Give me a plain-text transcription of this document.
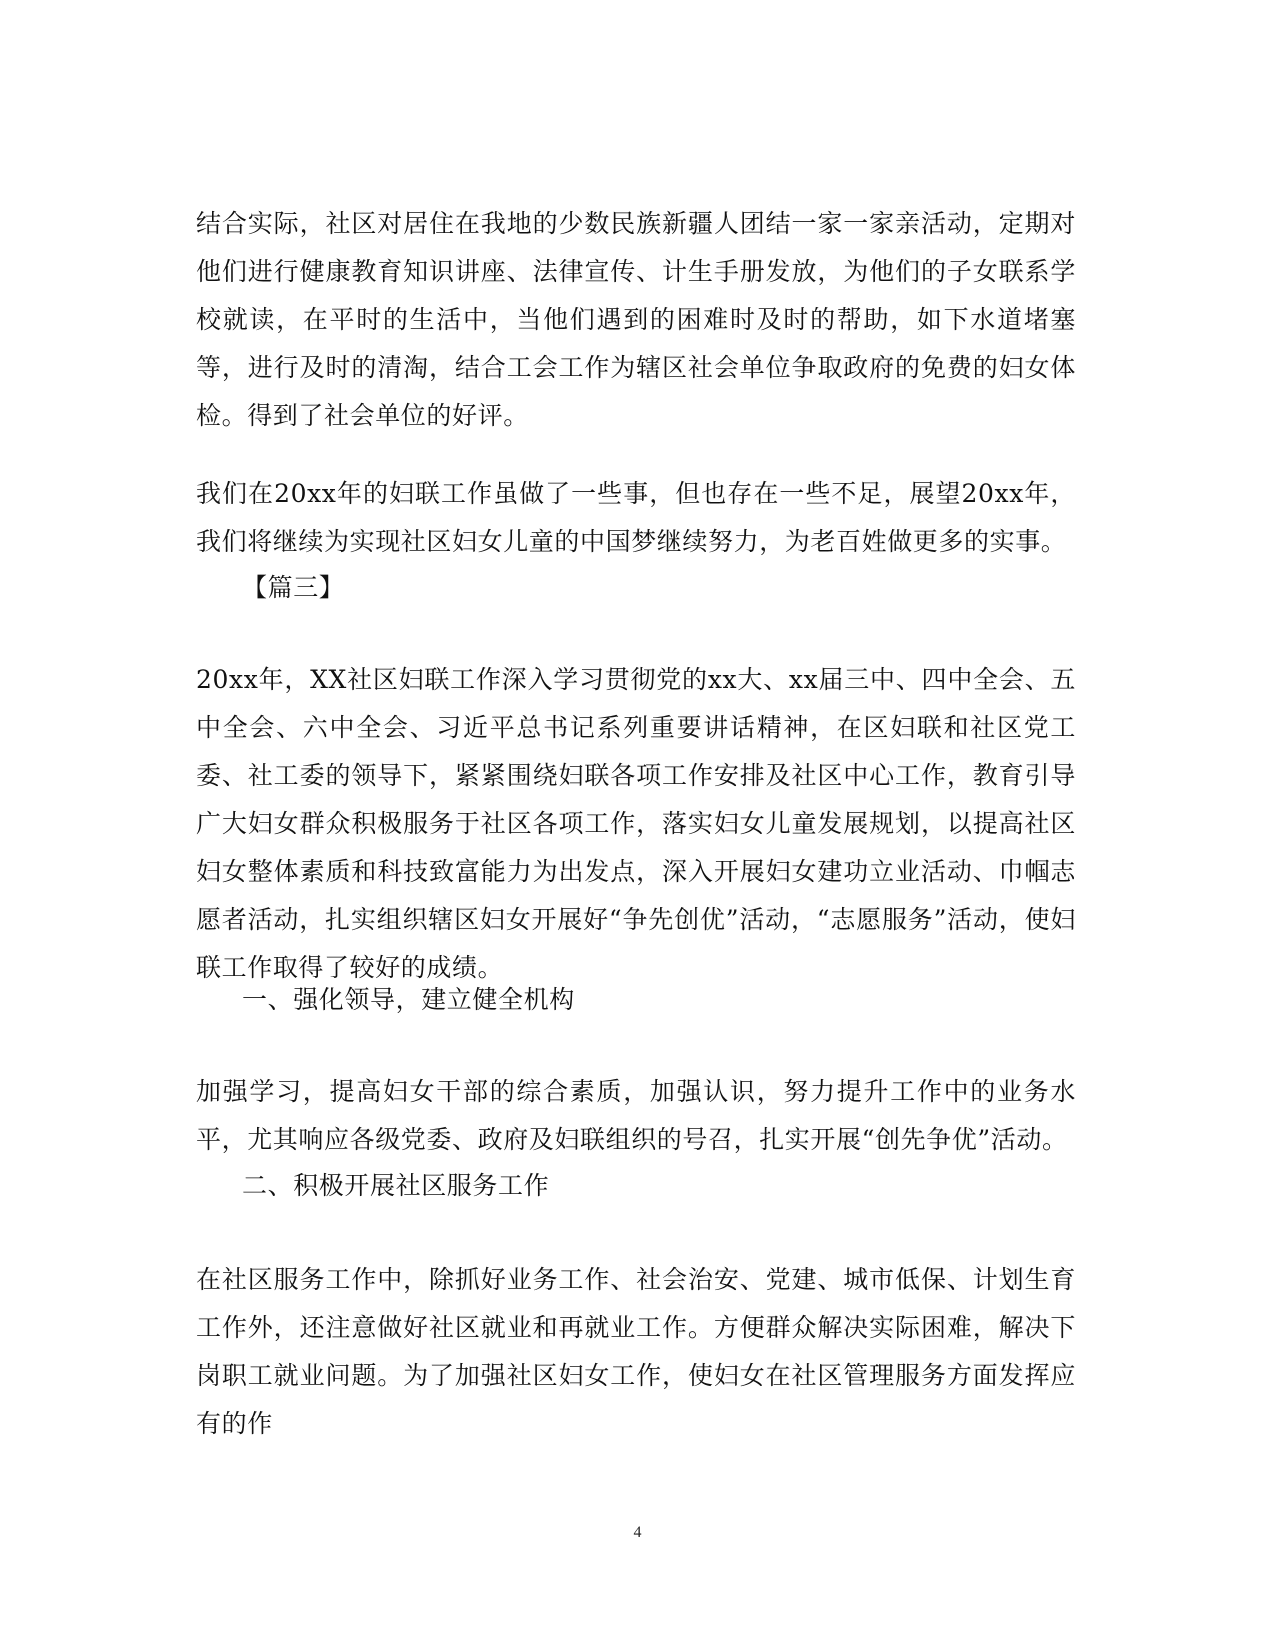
结合实际，社区对居住在我地的少数民族新疆人团结一家一家亲活动，定期对他们进行健康教育知识讲座、法律宣传、计生手册发放，为他们的子女联系学校就读，在平时的生活中，当他们遇到的困难时及时的帮助，如下水道堵塞等，进行及时的清淘，结合工会工作为辖区社会单位争取政府的免费的妇女体检。得到了社会单位的好评。

我们在20xx年的妇联工作虽做了一些事，但也存在一些不足，展望20xx年，我们将继续为实现社区妇女儿童的中国梦继续努力，为老百姓做更多的实事。

【篇三】

20xx年，XX社区妇联工作深入学习贯彻党的xx大、xx届三中、四中全会、五中全会、六中全会、习近平总书记系列重要讲话精神，在区妇联和社区党工委、社工委的领导下，紧紧围绕妇联各项工作安排及社区中心工作，教育引导广大妇女群众积极服务于社区各项工作，落实妇女儿童发展规划，以提高社区妇女整体素质和科技致富能力为出发点，深入开展妇女建功立业活动、巾帼志愿者活动，扎实组织辖区妇女开展好“争先创优”活动，“志愿服务”活动，使妇联工作取得了较好的成绩。

一、强化领导，建立健全机构

加强学习，提高妇女干部的综合素质，加强认识，努力提升工作中的业务水平，尤其响应各级党委、政府及妇联组织的号召，扎实开展“创先争优”活动。

二、积极开展社区服务工作

在社区服务工作中，除抓好业务工作、社会治安、党建、城市低保、计划生育工作外，还注意做好社区就业和再就业工作。方便群众解决实际困难，解决下岗职工就业问题。为了加强社区妇女工作，使妇女在社区管理服务方面发挥应有的作

4
